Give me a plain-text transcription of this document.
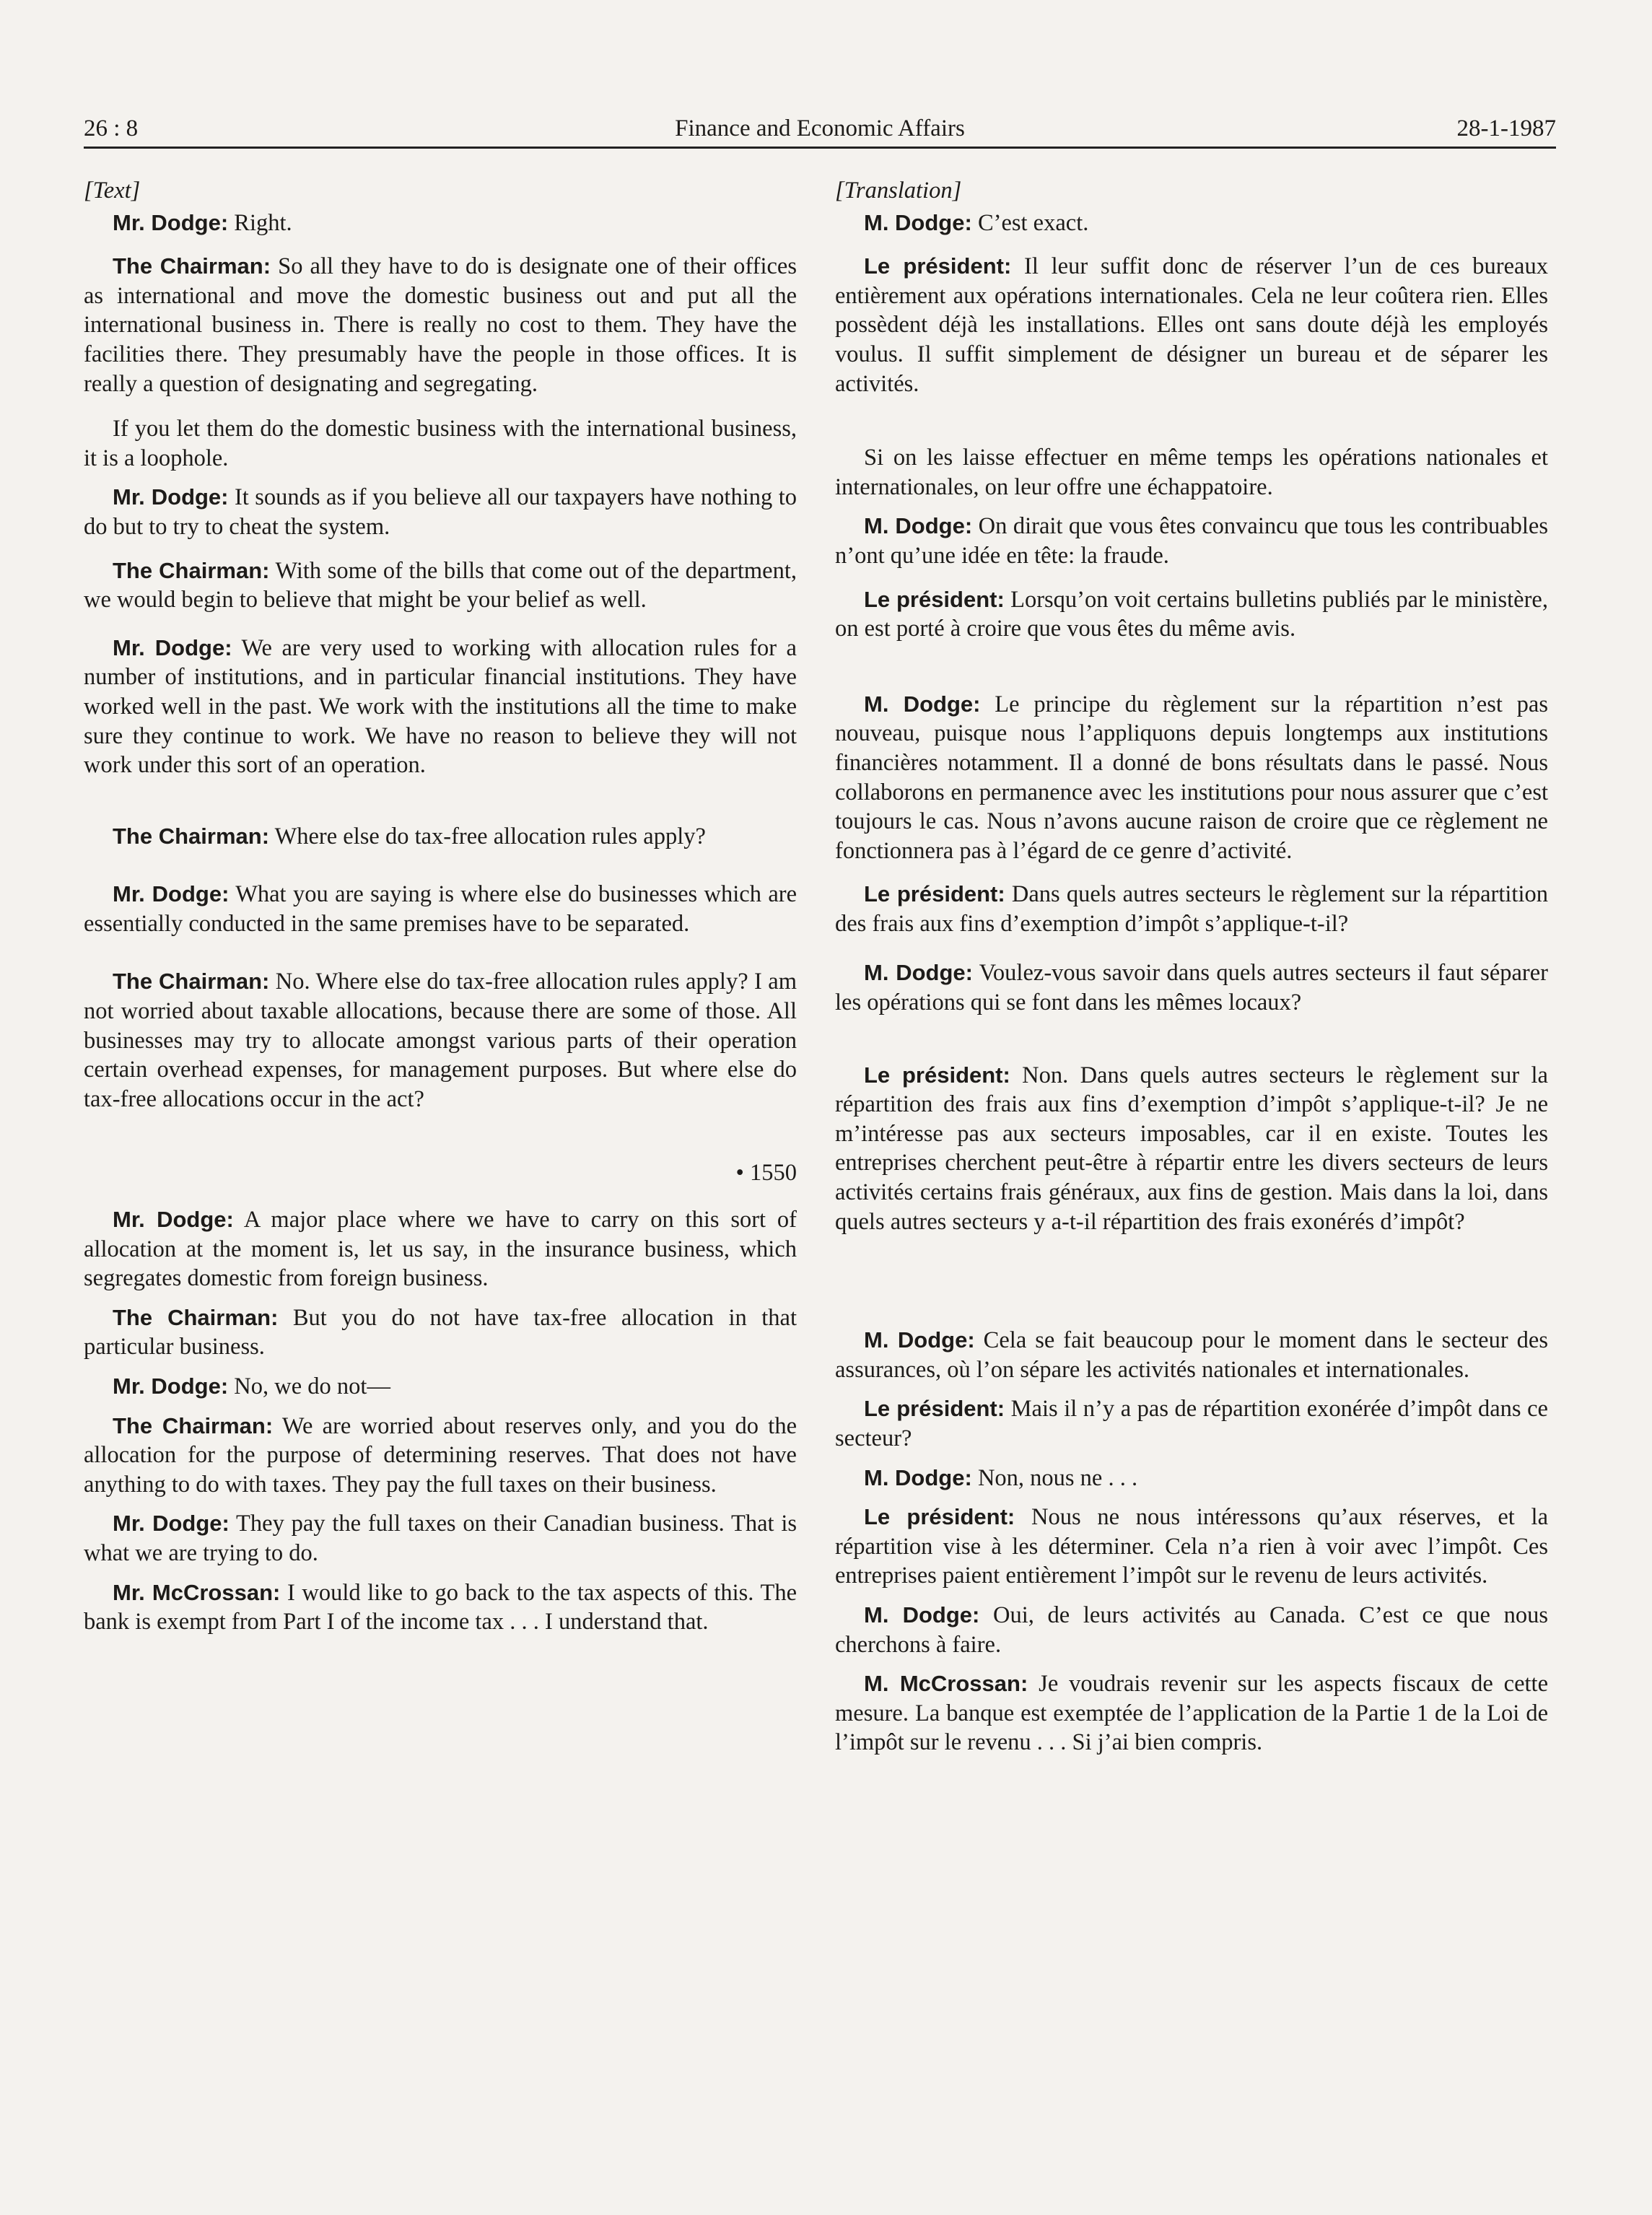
26 : 8	Finance and Economic Affairs	28-1-1987
[Text]

Mr. Dodge: Right.

The Chairman: So all they have to do is designate one of their offices as international and move the domestic business out and put all the international business in. There is really no cost to them. They have the facilities there. They presumably have the people in those offices. It is really a question of designating and segregating.

If you let them do the domestic business with the international business, it is a loophole.

Mr. Dodge: It sounds as if you believe all our taxpayers have nothing to do but to try to cheat the system.

The Chairman: With some of the bills that come out of the department, we would begin to believe that might be your belief as well.

Mr. Dodge: We are very used to working with allocation rules for a number of institutions, and in particular financial institutions. They have worked well in the past. We work with the institutions all the time to make sure they continue to work. We have no reason to believe they will not work under this sort of an operation.

The Chairman: Where else do tax-free allocation rules apply?

Mr. Dodge: What you are saying is where else do businesses which are essentially conducted in the same premises have to be separated.

The Chairman: No. Where else do tax-free allocation rules apply? I am not worried about taxable allocations, because there are some of those. All businesses may try to allocate amongst various parts of their operation certain overhead expenses, for management purposes. But where else do tax-free allocations occur in the act?

• 1550

Mr. Dodge: A major place where we have to carry on this sort of allocation at the moment is, let us say, in the insurance business, which segregates domestic from foreign business.

The Chairman: But you do not have tax-free allocation in that particular business.

Mr. Dodge: No, we do not—

The Chairman: We are worried about reserves only, and you do the allocation for the purpose of determining reserves. That does not have anything to do with taxes. They pay the full taxes on their business.

Mr. Dodge: They pay the full taxes on their Canadian business. That is what we are trying to do.

Mr. McCrossan: I would like to go back to the tax aspects of this. The bank is exempt from Part I of the income tax . . . I understand that.

[Translation]

M. Dodge: C’est exact.

Le président: Il leur suffit donc de réserver l’un de ces bureaux entièrement aux opérations internationales. Cela ne leur coûtera rien. Elles possèdent déjà les installations. Elles ont sans doute déjà les employés voulus. Il suffit simplement de désigner un bureau et de séparer les activités.

Si on les laisse effectuer en même temps les opérations nationales et internationales, on leur offre une échappatoire.

M. Dodge: On dirait que vous êtes convaincu que tous les contribuables n’ont qu’une idée en tête: la fraude.

Le président: Lorsqu’on voit certains bulletins publiés par le ministère, on est porté à croire que vous êtes du même avis.

M. Dodge: Le principe du règlement sur la répartition n’est pas nouveau, puisque nous l’appliquons depuis longtemps aux institutions financières notamment. Il a donné de bons résultats dans le passé. Nous collaborons en permanence avec les institutions pour nous assurer que c’est toujours le cas. Nous n’avons aucune raison de croire que ce règlement ne fonctionnera pas à l’égard de ce genre d’activité.

Le président: Dans quels autres secteurs le règlement sur la répartition des frais aux fins d’exemption d’impôt s’applique-t-il?

M. Dodge: Voulez-vous savoir dans quels autres secteurs il faut séparer les opérations qui se font dans les mêmes locaux?

Le président: Non. Dans quels autres secteurs le règlement sur la répartition des frais aux fins d’exemption d’impôt s’applique-t-il? Je ne m’intéresse pas aux secteurs imposables, car il en existe. Toutes les entreprises cherchent peut-être à répartir entre les divers secteurs de leurs activités certains frais généraux, aux fins de gestion. Mais dans la loi, dans quels autres secteurs y a-t-il répartition des frais exonérés d’impôt?

M. Dodge: Cela se fait beaucoup pour le moment dans le secteur des assurances, où l’on sépare les activités nationales et internationales.

Le président: Mais il n’y a pas de répartition exonérée d’impôt dans ce secteur?

M. Dodge: Non, nous ne . . .

Le président: Nous ne nous intéressons qu’aux réserves, et la répartition vise à les déterminer. Cela n’a rien à voir avec l’impôt. Ces entreprises paient entièrement l’impôt sur le revenu de leurs activités.

M. Dodge: Oui, de leurs activités au Canada. C’est ce que nous cherchons à faire.

M. McCrossan: Je voudrais revenir sur les aspects fiscaux de cette mesure. La banque est exemptée de l’application de la Partie 1 de la Loi de l’impôt sur le revenu . . . Si j’ai bien compris.
